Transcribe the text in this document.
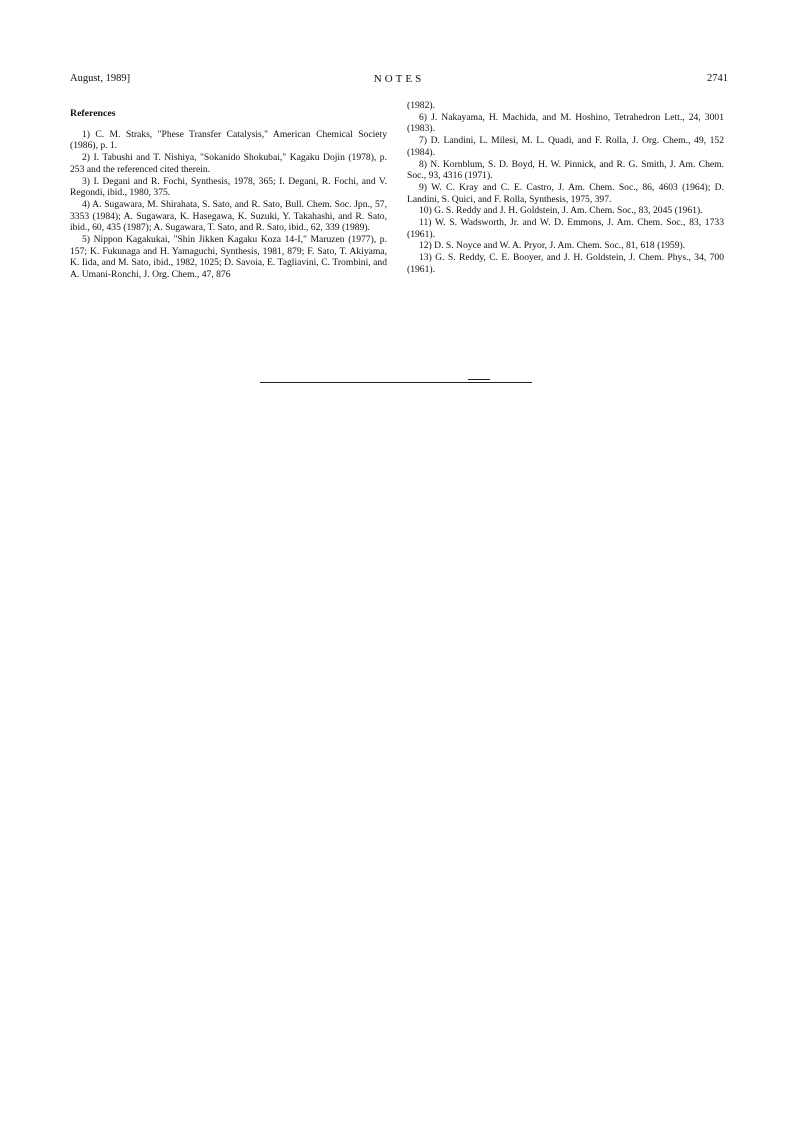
August, 1989]	NOTES	2741
References

1) C. M. Straks, "Phese Transfer Catalysis," American Chemical Society (1986), p. 1.

2) I. Tabushi and T. Nishiya, "Sokanido Shokubai," Kagaku Dojin (1978), p. 253 and the referenced cited therein.

3) I. Degani and R. Fochi, Synthesis, 1978, 365; I. Degani, R. Fochi, and V. Regondi, ibid., 1980, 375.

4) A. Sugawara, M. Shirahata, S. Sato, and R. Sato, Bull. Chem. Soc. Jpn., 57, 3353 (1984); A. Sugawara, K. Hasegawa, K. Suzuki, Y. Takahashi, and R. Sato, ibid., 60, 435 (1987); A. Sugawara, T. Sato, and R. Sato, ibid., 62, 339 (1989).

5) Nippon Kagakukai, "Shin Jikken Kagaku Koza 14-I," Maruzen (1977), p. 157; K. Fukunaga and H. Yamaguchi, Synthesis, 1981, 879; F. Sato, T. Akiyama, K. Iida, and M. Sato, ibid., 1982, 1025; D. Savoia, E. Tagliavini, C. Trombini, and A. Umani-Ronchi, J. Org. Chem., 47, 876

(1982).

6) J. Nakayama, H. Machida, and M. Hoshino, Tetrahedron Lett., 24, 3001 (1983).

7) D. Landini, L. Milesi, M. L. Quadi, and F. Rolla, J. Org. Chem., 49, 152 (1984).

8) N. Kornblum, S. D. Boyd, H. W. Pinnick, and R. G. Smith, J. Am. Chem. Soc., 93, 4316 (1971).

9) W. C. Kray and C. E. Castro, J. Am. Chem. Soc., 86, 4603 (1964); D. Landini, S. Quici, and F. Rolla, Synthesis, 1975, 397.

10) G. S. Reddy and J. H. Goldstein, J. Am. Chem. Soc., 83, 2045 (1961).

11) W. S. Wadsworth, Jr. and W. D. Emmons, J. Am. Chem. Soc., 83, 1733 (1961).

12) D. S. Noyce and W. A. Pryor, J. Am. Chem. Soc., 81, 618 (1959).

13) G. S. Reddy, C. E. Booyer, and J. H. Goldstein, J. Chem. Phys., 34, 700 (1961).
